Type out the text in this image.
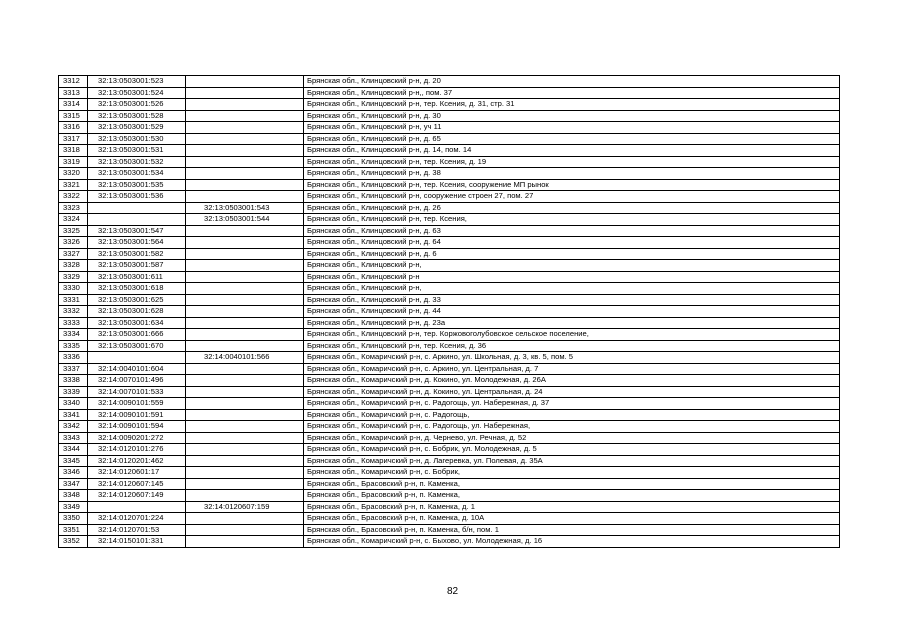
3312	32:13:0503001:523		Брянская обл., Клинцовский р-н, д. 20
3313	32:13:0503001:524		Брянская обл., Клинцовский р-н,, пом. 37
3314	32:13:0503001:526		Брянская обл., Клинцовский р-н, тер. Ксения, д. 31, стр. 31
3315	32:13:0503001:528		Брянская обл., Клинцовский р-н, д. 30
3316	32:13:0503001:529		Брянская обл., Клинцовский р-н, уч 11
3317	32:13:0503001:530		Брянская обл., Клинцовский р-н, д. 65
3318	32:13:0503001:531		Брянская обл., Клинцовский р-н, д. 14, пом. 14
3319	32:13:0503001:532		Брянская обл., Клинцовский р-н, тер. Ксения, д. 19
3320	32:13:0503001:534		Брянская обл., Клинцовский р-н, д. 38
3321	32:13:0503001:535		Брянская обл., Клинцовский р-н, тер. Ксения, сооружение МП рынок
3322	32:13:0503001:536		Брянская обл., Клинцовский р-н, сооружение строен 27, пом. 27
3323		32:13:0503001:543	Брянская обл., Клинцовский р-н, д. 26
3324		32:13:0503001:544	Брянская обл., Клинцовский р-н, тер. Ксения,
3325	32:13:0503001:547		Брянская обл., Клинцовский р-н, д. 63
3326	32:13:0503001:564		Брянская обл., Клинцовский р-н, д. 64
3327	32:13:0503001:582		Брянская обл., Клинцовский р-н, д. 6
3328	32:13:0503001:587		Брянская обл., Клинцовский р-н,
3329	32:13:0503001:611		Брянская обл., Клинцовский р-н
3330	32:13:0503001:618		Брянская обл., Клинцовский р-н,
3331	32:13:0503001:625		Брянская обл., Клинцовский р-н, д. 33
3332	32:13:0503001:628		Брянская обл., Клинцовский р-н, д. 44
3333	32:13:0503001:634		Брянская обл., Клинцовский р-н, д. 23а
3334	32:13:0503001:666		Брянская обл., Клинцовский р-н, тер. Коржовоголубовское сельское поселение,
3335	32:13:0503001:670		Брянская обл., Клинцовский р-н, тер. Ксения, д. 36
3336		32:14:0040101:566	Брянская обл., Комаричский р-н, с. Аркино, ул. Школьная, д. 3, кв. 5, пом. 5
3337	32:14:0040101:604		Брянская обл., Комаричский р-н, с. Аркино, ул. Центральная, д. 7
3338	32:14:0070101:496		Брянская обл., Комаричский р-н, д. Кокино, ул. Молодежная, д. 26А
3339	32:14:0070101:533		Брянская обл., Комаричский р-н, д. Кокино, ул. Центральная, д. 24
3340	32:14:0090101:559		Брянская обл., Комаричский р-н, с. Радогощь, ул. Набережная, д. 37
3341	32:14:0090101:591		Брянская обл., Комаричский р-н, с. Радогощь,
3342	32:14:0090101:594		Брянская обл., Комаричский р-н, с. Радогощь, ул. Набережная,
3343	32:14:0090201:272		Брянская обл., Комаричский р-н, д. Чернево, ул. Речная, д. 52
3344	32:14:0120101:276		Брянская обл., Комаричский р-н, с. Бобрик, ул. Молодежная, д. 5
3345	32:14:0120201:462		Брянская обл., Комаричский р-н, д. Лагеревка, ул. Полевая, д. 35А
3346	32:14:0120601:17		Брянская обл., Комаричский р-н, с. Бобрик,
3347	32:14:0120607:145		Брянская обл., Брасовский р-н, п. Каменка,
3348	32:14:0120607:149		Брянская обл., Брасовский р-н, п. Каменка,
3349		32:14:0120607:159	Брянская обл., Брасовский р-н, п. Каменка, д. 1
3350	32:14:0120701:224		Брянская обл., Брасовский р-н, п. Каменка, д. 10А
3351	32:14:0120701:53		Брянская обл., Брасовский р-н, п. Каменка, б/н, пом. 1
3352	32:14:0150101:331		Брянская обл., Комаричский р-н, с. Быхово, ул. Молодежная, д. 16
82
